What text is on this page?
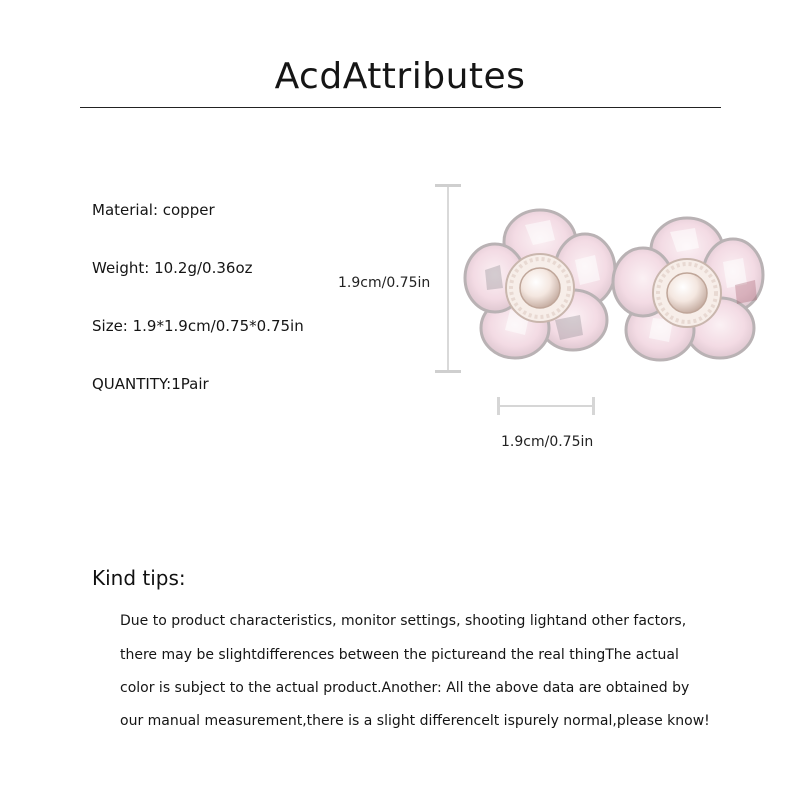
AcdAttributes
Material: copper
Weight: 10.2g/0.36oz
Size: 1.9*1.9cm/0.75*0.75in
QUANTITY:1Pair
1.9cm/0.75in
1.9cm/0.75in
Kind tips:
Due to product characteristics, monitor settings, shooting lightand other factors,
there may be slightdifferences between the pictureand the real thingThe actual
color is subject to the actual product.Another: All the above data are obtained by
our manual measurement,there is a slight differencelt ispurely normal,please know!
